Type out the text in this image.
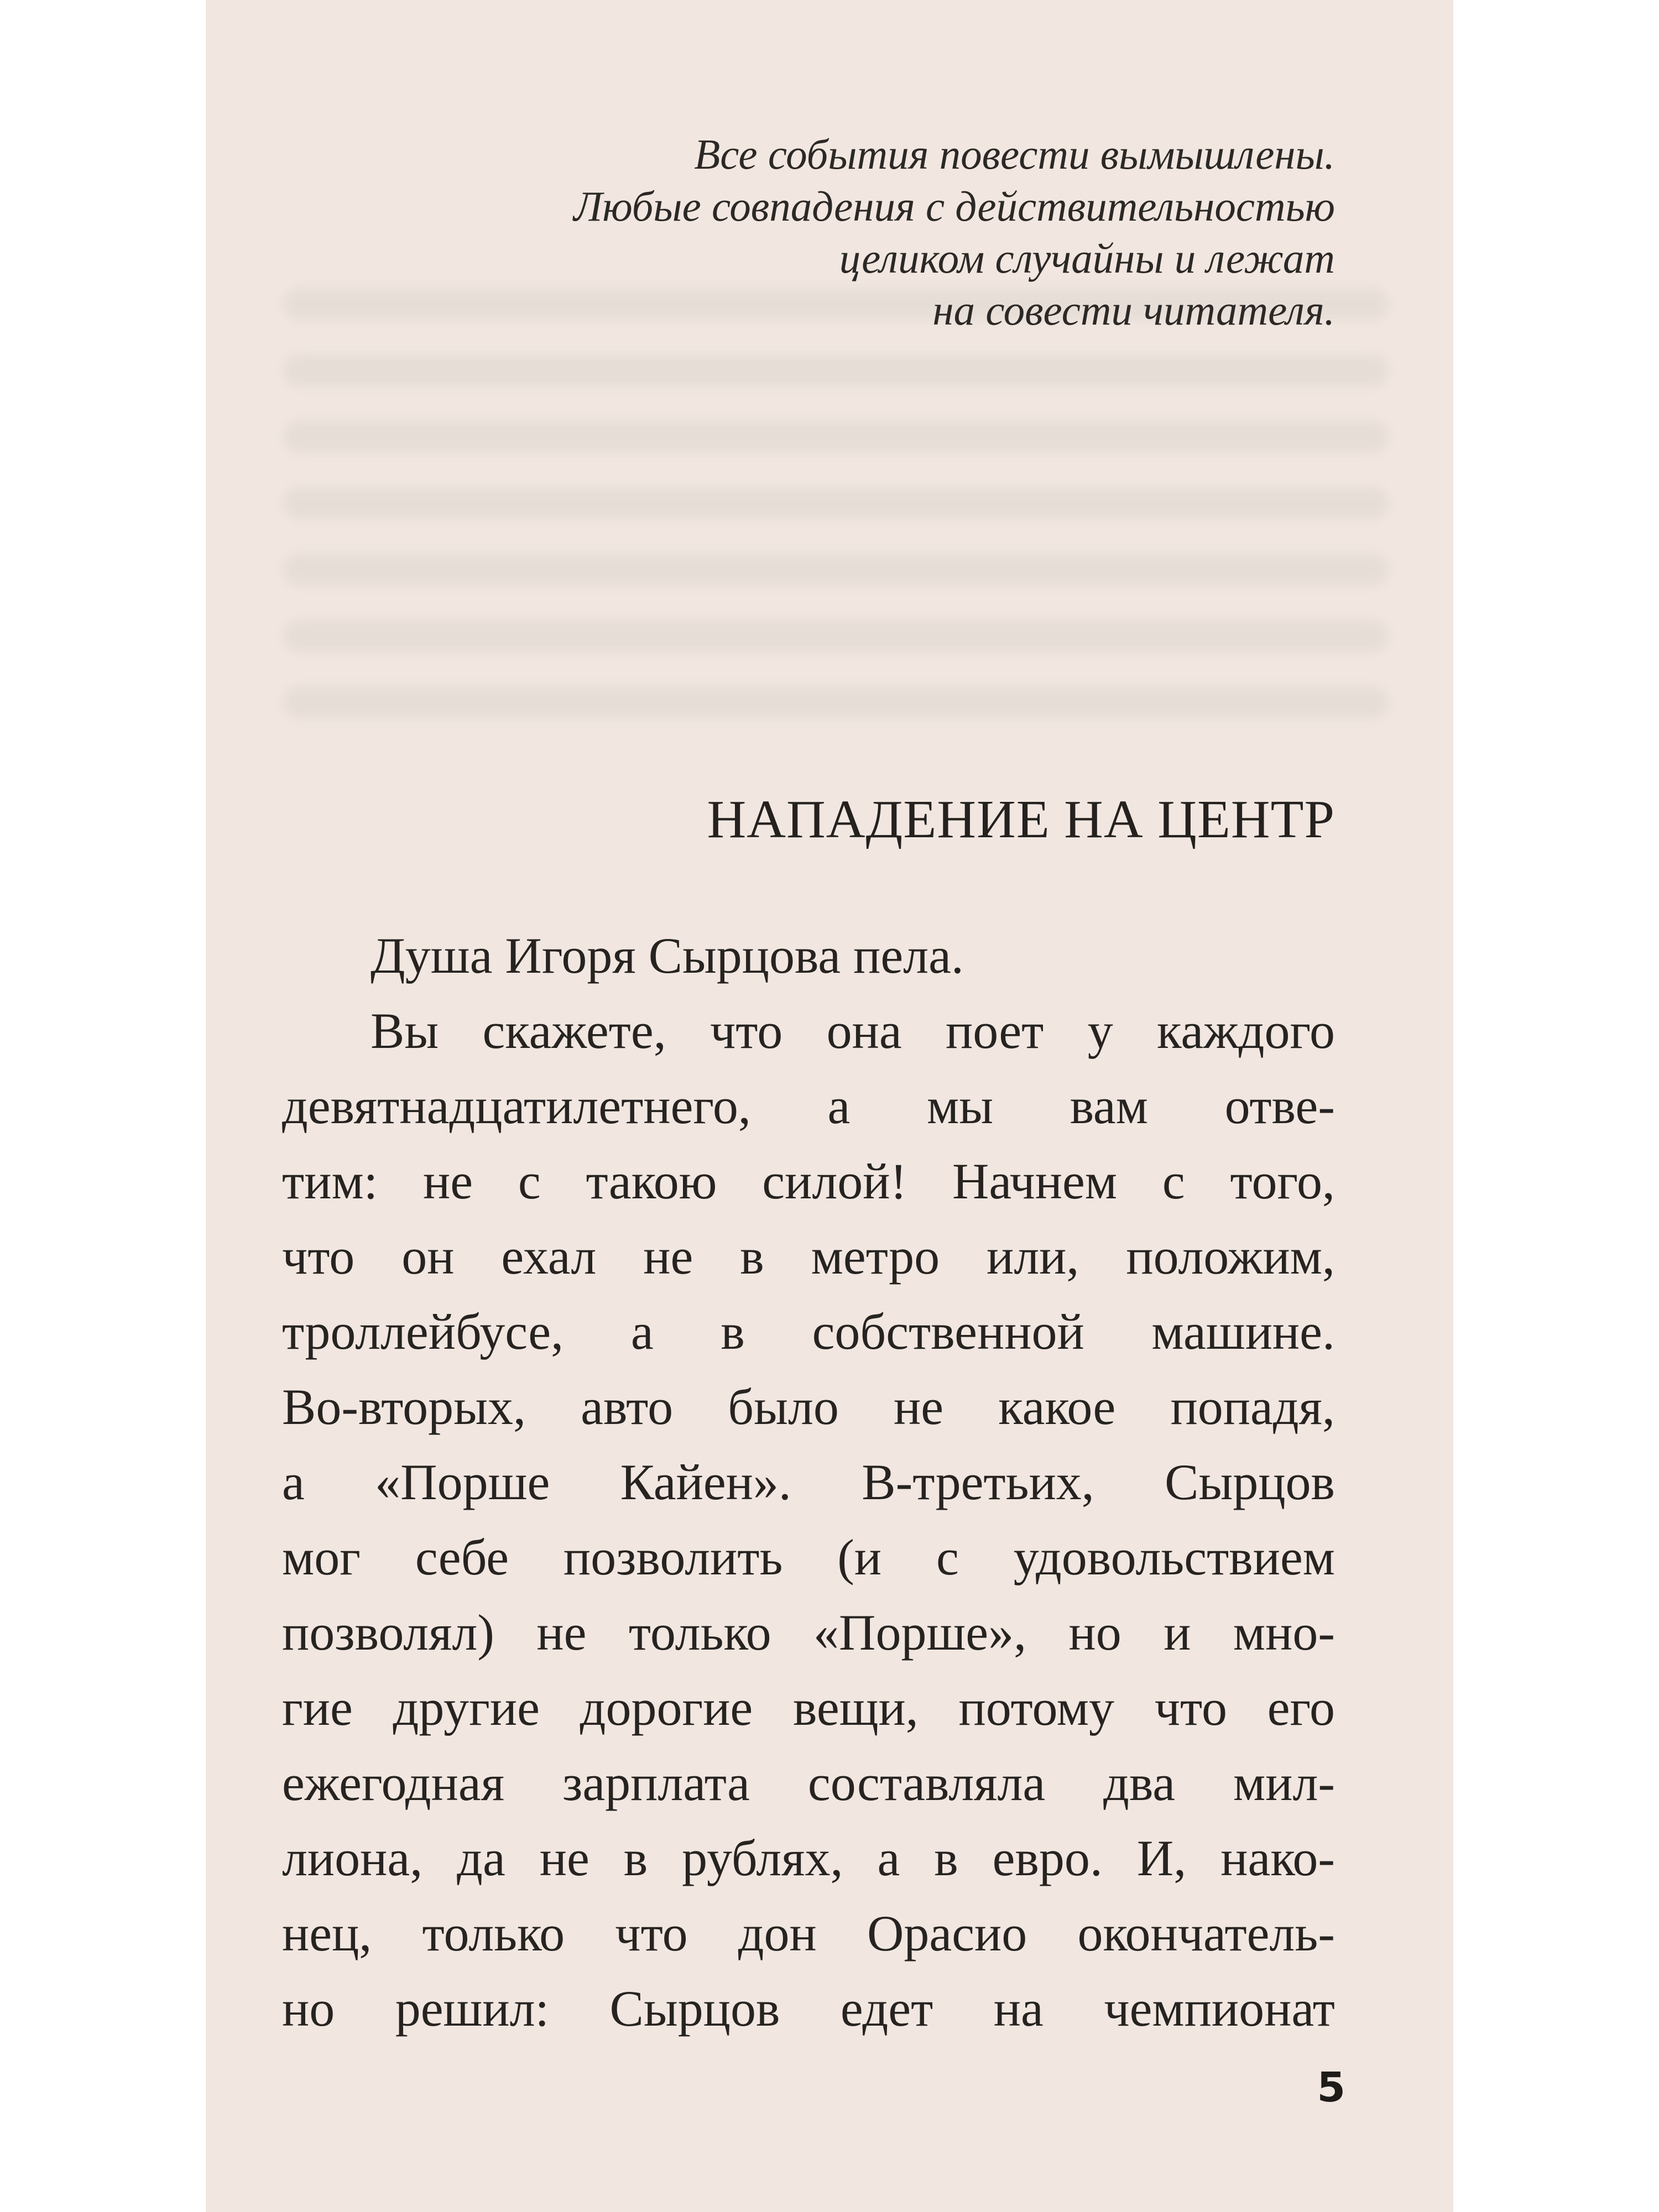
Все события повести вымышлены.
Любые совпадения с действительностью
целиком случайны и лежат
на совести читателя.
НАПАДЕНИЕ НА ЦЕНТР
Душа Игоря Сырцова пела.
Вы скажете, что она поет у каждого
девятнадцатилетнего, а мы вам отве-
тим: не с такою силой! Начнем с того,
что он ехал не в метро или, положим,
троллейбусе, а в собственной машине.
Во-вторых, авто было не какое попадя,
а «Порше Кайен». В-третьих, Сырцов
мог себе позволить (и с удовольствием
позволял) не только «Порше», но и мно-
гие другие дорогие вещи, потому что его
ежегодная зарплата составляла два мил-
лиона, да не в рублях, а в евро. И, нако-
нец, только что дон Орасио окончатель-
но решил: Сырцов едет на чемпионат
5
